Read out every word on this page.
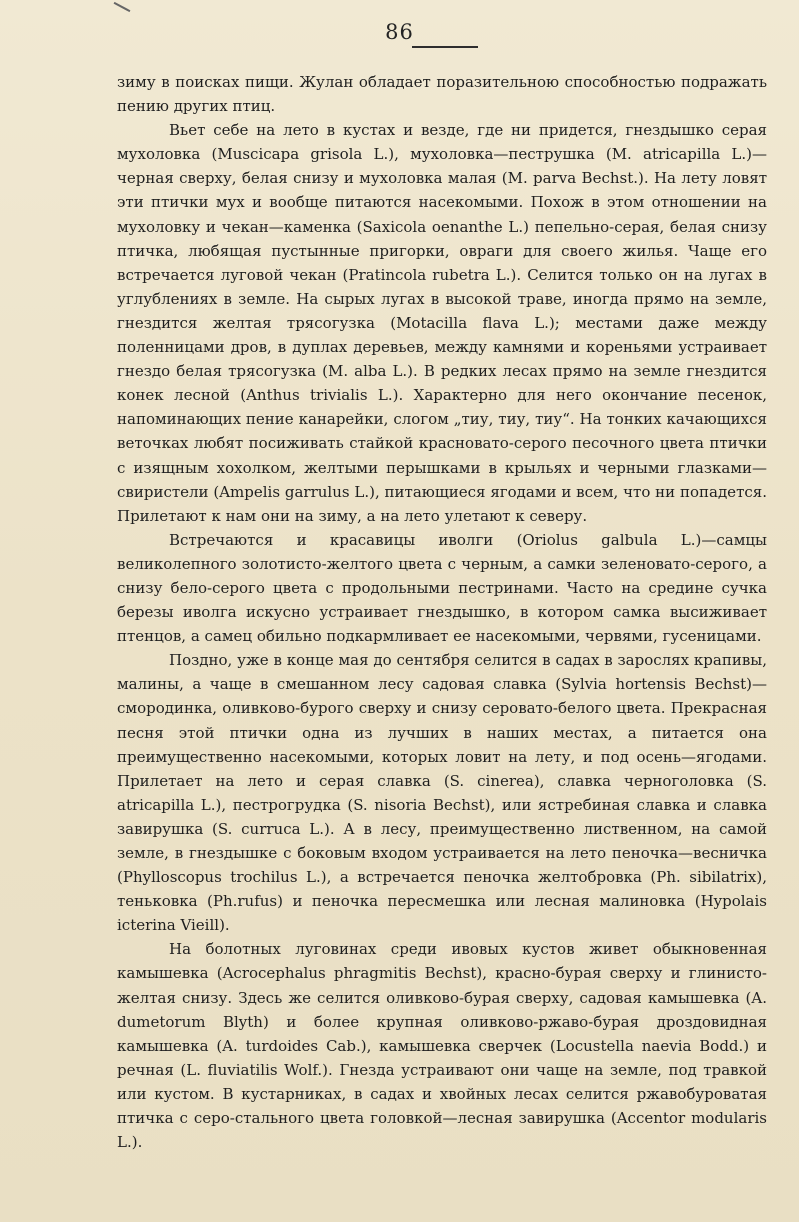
86

зиму в поисках пищи. Жулан обладает поразительною способностью подражать пению других птиц.

Вьет себе на лето в кустах и везде, где ни придется, гнездышко серая мухоловка (Muscicapa grisola L.), мухоловка—пеструшка (M. atricapilla L.)—черная сверху, белая снизу и мухоловка малая (M. parva Bechst.). На лету ловят эти птички мух и вообще питаются насекомыми. Похож в этом отношении на мухоловку и чекан—каменка (Saxicola oenanthe L.) пепельно-серая, белая снизу птичка, любящая пустынные пригорки, овраги для своего жилья. Чаще его встречается луговой чекан (Pratincola rubetra L.). Селится только он на лугах в углублениях в земле. На сырых лугах в высокой траве, иногда прямо на земле, гнездится желтая трясогузка (Motacilla flava L.); местами даже между поленницами дров, в дуплах деревьев, между камнями и кореньями устраивает гнездо белая трясогузка (M. alba L.). В редких лесах прямо на земле гнездится конек лесной (Anthus trivialis L.). Характерно для него окончание песенок, напоминающих пение канарейки, слогом „тиу, тиу, тиу“. На тонких качающихся веточках любят посиживать стайкой красновато-серого песочного цвета птички с изящным хохолком, желтыми перышками в крыльях и черными глазками—свиристели (Ampelis garrulus L.), питающиеся ягодами и всем, что ни попадется. Прилетают к нам они на зиму, а на лето улетают к северу.

Встречаются и красавицы иволги (Oriolus galbula L.)—самцы великолепного золотисто-желтого цвета с черным, а самки зеленовато-серого, а снизу бело-серого цвета с продольными пестринами. Часто на средине сучка березы иволга искусно устраивает гнездышко, в котором самка высиживает птенцов, а самец обильно подкармливает ее насекомыми, червями, гусеницами.

Поздно, уже в конце мая до сентября селится в садах в зарослях крапивы, малины, а чаще в смешанном лесу садовая славка (Sylvia hortensis Bechst)—смородинка, оливково-бурого сверху и снизу серовато-белого цвета. Прекрасная песня этой птички одна из лучших в наших местах, а питается она преимущественно насекомыми, которых ловит на лету, и под осень—ягодами. Прилетает на лето и серая славка (S. cinerea), славка черноголовка (S. atricapilla L.), пестрогрудка (S. nisoria Bechst), или ястребиная славка и славка завирушка (S. curruca L.). А в лесу, преимущественно лиственном, на самой земле, в гнездышке с боковым входом устраивается на лето пеночка—весничка (Phylloscopus trochilus L.), а встречается пеночка желтобровка (Ph. sibilatrix), теньковка (Ph.rufus) и пеночка пересмешка или лесная малиновка (Hypolais icterina Vieill).

На болотных луговинах среди ивовых кустов живет обыкновенная камышевка (Acrocephalus phragmitis Bechst), красно-бурая сверху и глинисто-желтая снизу. Здесь же селится оливково-бурая сверху, садовая камышевка (A. dumetorum Blyth) и более крупная оливково-ржаво-бурая дроздовидная камышевка (A. turdoides Cab.), камышевка сверчек (Locustella naevia Bodd.) и речная (L. fluviatilis Wolf.). Гнезда устраивают они чаще на земле, под травкой или кустом. В кустарниках, в садах и хвойных лесах селится ржавобуроватая птичка с серо-стального цвета головкой—лесная завирушка (Accentor modularis L.).
